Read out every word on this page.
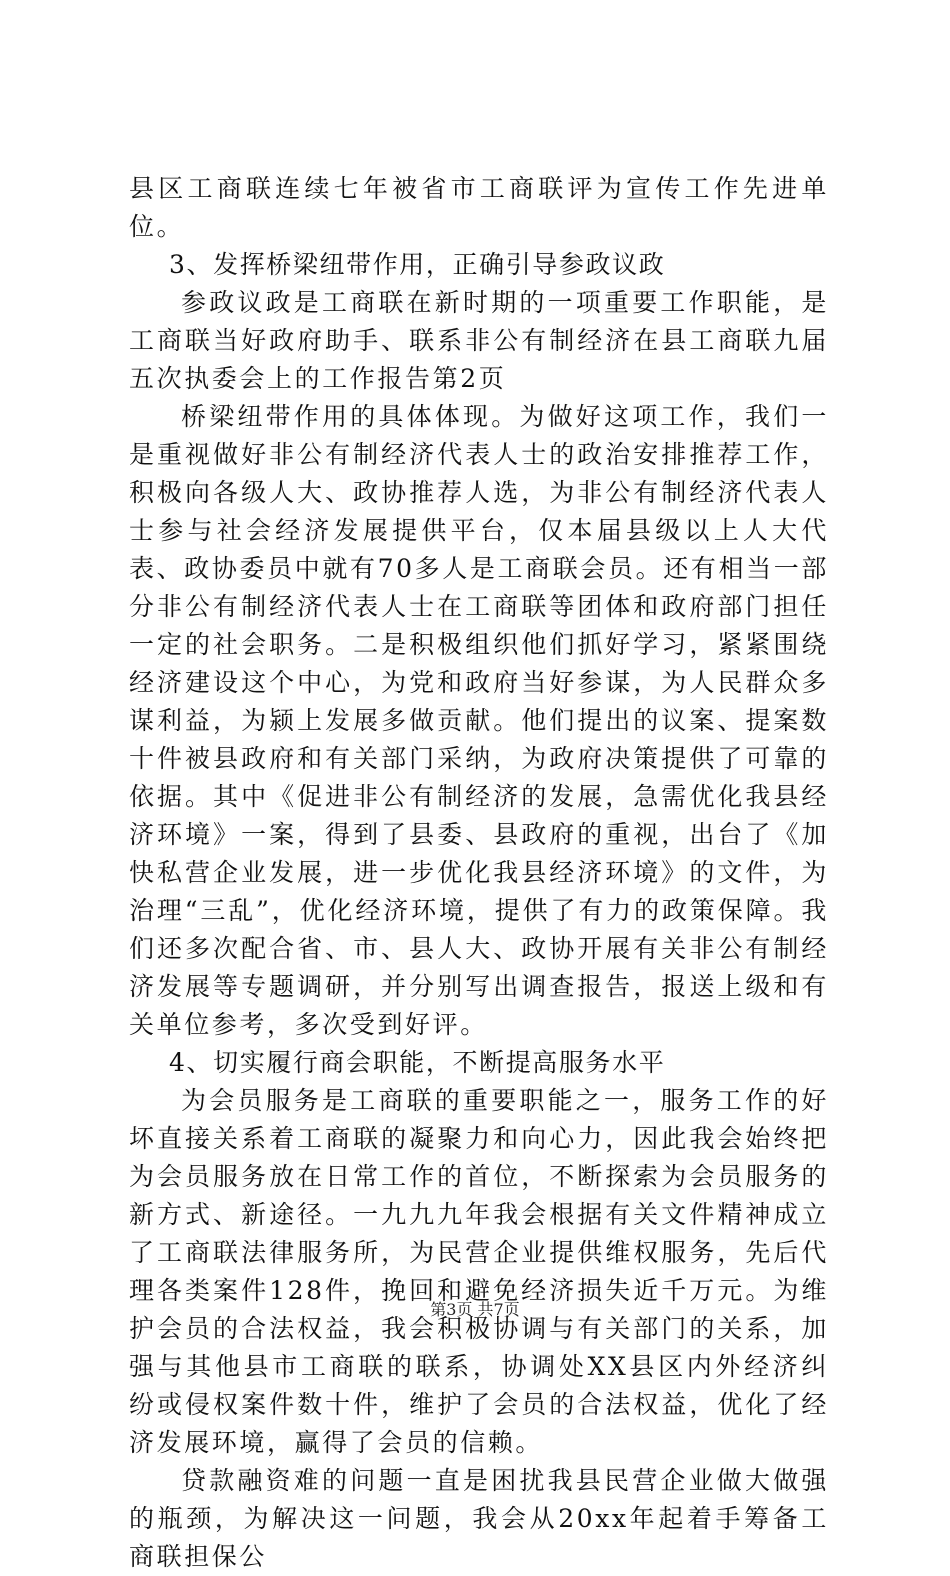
县区工商联连续七年被省市工商联评为宣传工作先进单位。

3、发挥桥梁纽带作用，正确引导参政议政

参政议政是工商联在新时期的一项重要工作职能，是工商联当好政府助手、联系非公有制经济在县工商联九届五次执委会上的工作报告第2页

桥梁纽带作用的具体体现。为做好这项工作，我们一是重视做好非公有制经济代表人士的政治安排推荐工作，积极向各级人大、政协推荐人选，为非公有制经济代表人士参与社会经济发展提供平台，仅本届县级以上人大代表、政协委员中就有70多人是工商联会员。还有相当一部分非公有制经济代表人士在工商联等团体和政府部门担任一定的社会职务。二是积极组织他们抓好学习，紧紧围绕经济建设这个中心，为党和政府当好参谋，为人民群众多谋利益，为颍上发展多做贡献。他们提出的议案、提案数十件被县政府和有关部门采纳，为政府决策提供了可靠的依据。其中《促进非公有制经济的发展，急需优化我县经济环境》一案，得到了县委、县政府的重视，出台了《加快私营企业发展，进一步优化我县经济环境》的文件，为治理“三乱”，优化经济环境，提供了有力的政策保障。我们还多次配合省、市、县人大、政协开展有关非公有制经济发展等专题调研，并分别写出调查报告，报送上级和有关单位参考，多次受到好评。

4、切实履行商会职能，不断提高服务水平

为会员服务是工商联的重要职能之一，服务工作的好坏直接关系着工商联的凝聚力和向心力，因此我会始终把为会员服务放在日常工作的首位，不断探索为会员服务的新方式、新途径。一九九九年我会根据有关文件精神成立了工商联法律服务所，为民营企业提供维权服务，先后代理各类案件128件，挽回和避免经济损失近千万元。为维护会员的合法权益，我会积极协调与有关部门的关系，加强与其他县市工商联的联系，协调处XX县区内外经济纠纷或侵权案件数十件，维护了会员的合法权益，优化了经济发展环境，赢得了会员的信赖。

贷款融资难的问题一直是困扰我县民营企业做大做强的瓶颈，为解决这一问题，我会从20xx年起着手筹备工商联担保公

第3页 共7页
